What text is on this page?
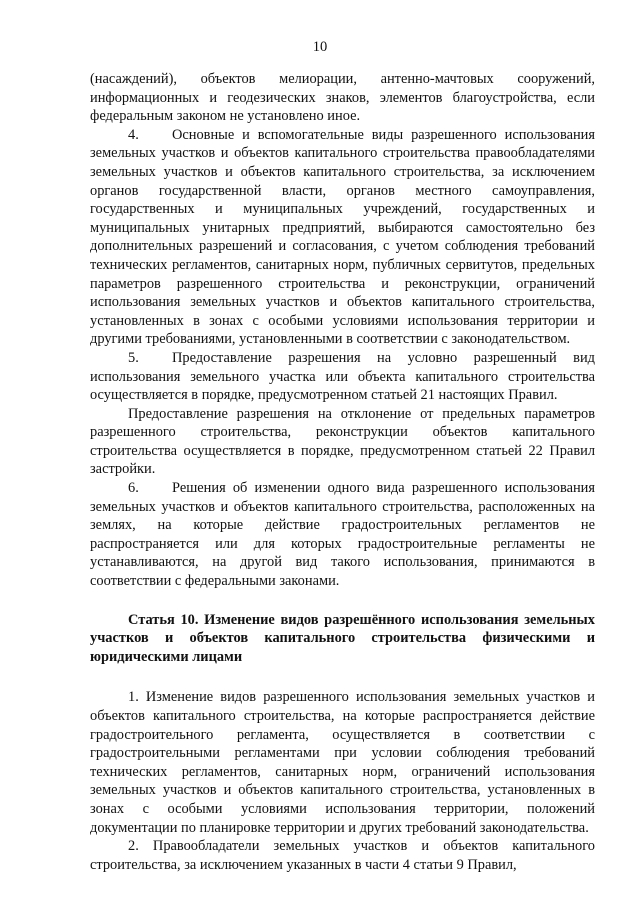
10

(насаждений), объектов мелиорации, антенно-мачтовых сооружений, информационных и геодезических знаков, элементов благоустройства, если федеральным законом не установлено иное.

4. Основные и вспомогательные виды разрешенного использования земельных участков и объектов капитального строительства правообладателями земельных участков и объектов капитального строительства, за исключением органов государственной власти, органов местного самоуправления, государственных и муниципальных учреждений, государственных и муниципальных унитарных предприятий, выбираются самостоятельно без дополнительных разрешений и согласования, с учетом соблюдения требований технических регламентов, санитарных норм, публичных сервитутов, предельных параметров разрешенного строительства и реконструкции, ограничений использования земельных участков и объектов капитального строительства, установленных в зонах с особыми условиями использования территории и другими требованиями, установленными в соответствии с законодательством.

5. Предоставление разрешения на условно разрешенный вид использования земельного участка или объекта капитального строительства осуществляется в порядке, предусмотренном статьей 21 настоящих Правил.

Предоставление разрешения на отклонение от предельных параметров разрешенного строительства, реконструкции объектов капитального строительства осуществляется в порядке, предусмотренном статьей 22 Правил застройки.

6. Решения об изменении одного вида разрешенного использования земельных участков и объектов капитального строительства, расположенных на землях, на которые действие градостроительных регламентов не распространяется или для которых градостроительные регламенты не устанавливаются, на другой вид такого использования, принимаются в соответствии с федеральными законами.

Статья 10. Изменение видов разрешённого использования земельных участков и объектов капитального строительства физическими и юридическими лицами

1. Изменение видов разрешенного использования земельных участков и объектов капитального строительства, на которые распространяется действие градостроительного регламента, осуществляется в соответствии с градостроительными регламентами при условии соблюдения требований технических регламентов, санитарных норм, ограничений использования земельных участков и объектов капитального строительства, установленных в зонах с особыми условиями использования территории, положений документации по планировке территории и других требований законодательства.

2. Правообладатели земельных участков и объектов капитального строительства, за исключением указанных в части 4 статьи 9 Правил,
